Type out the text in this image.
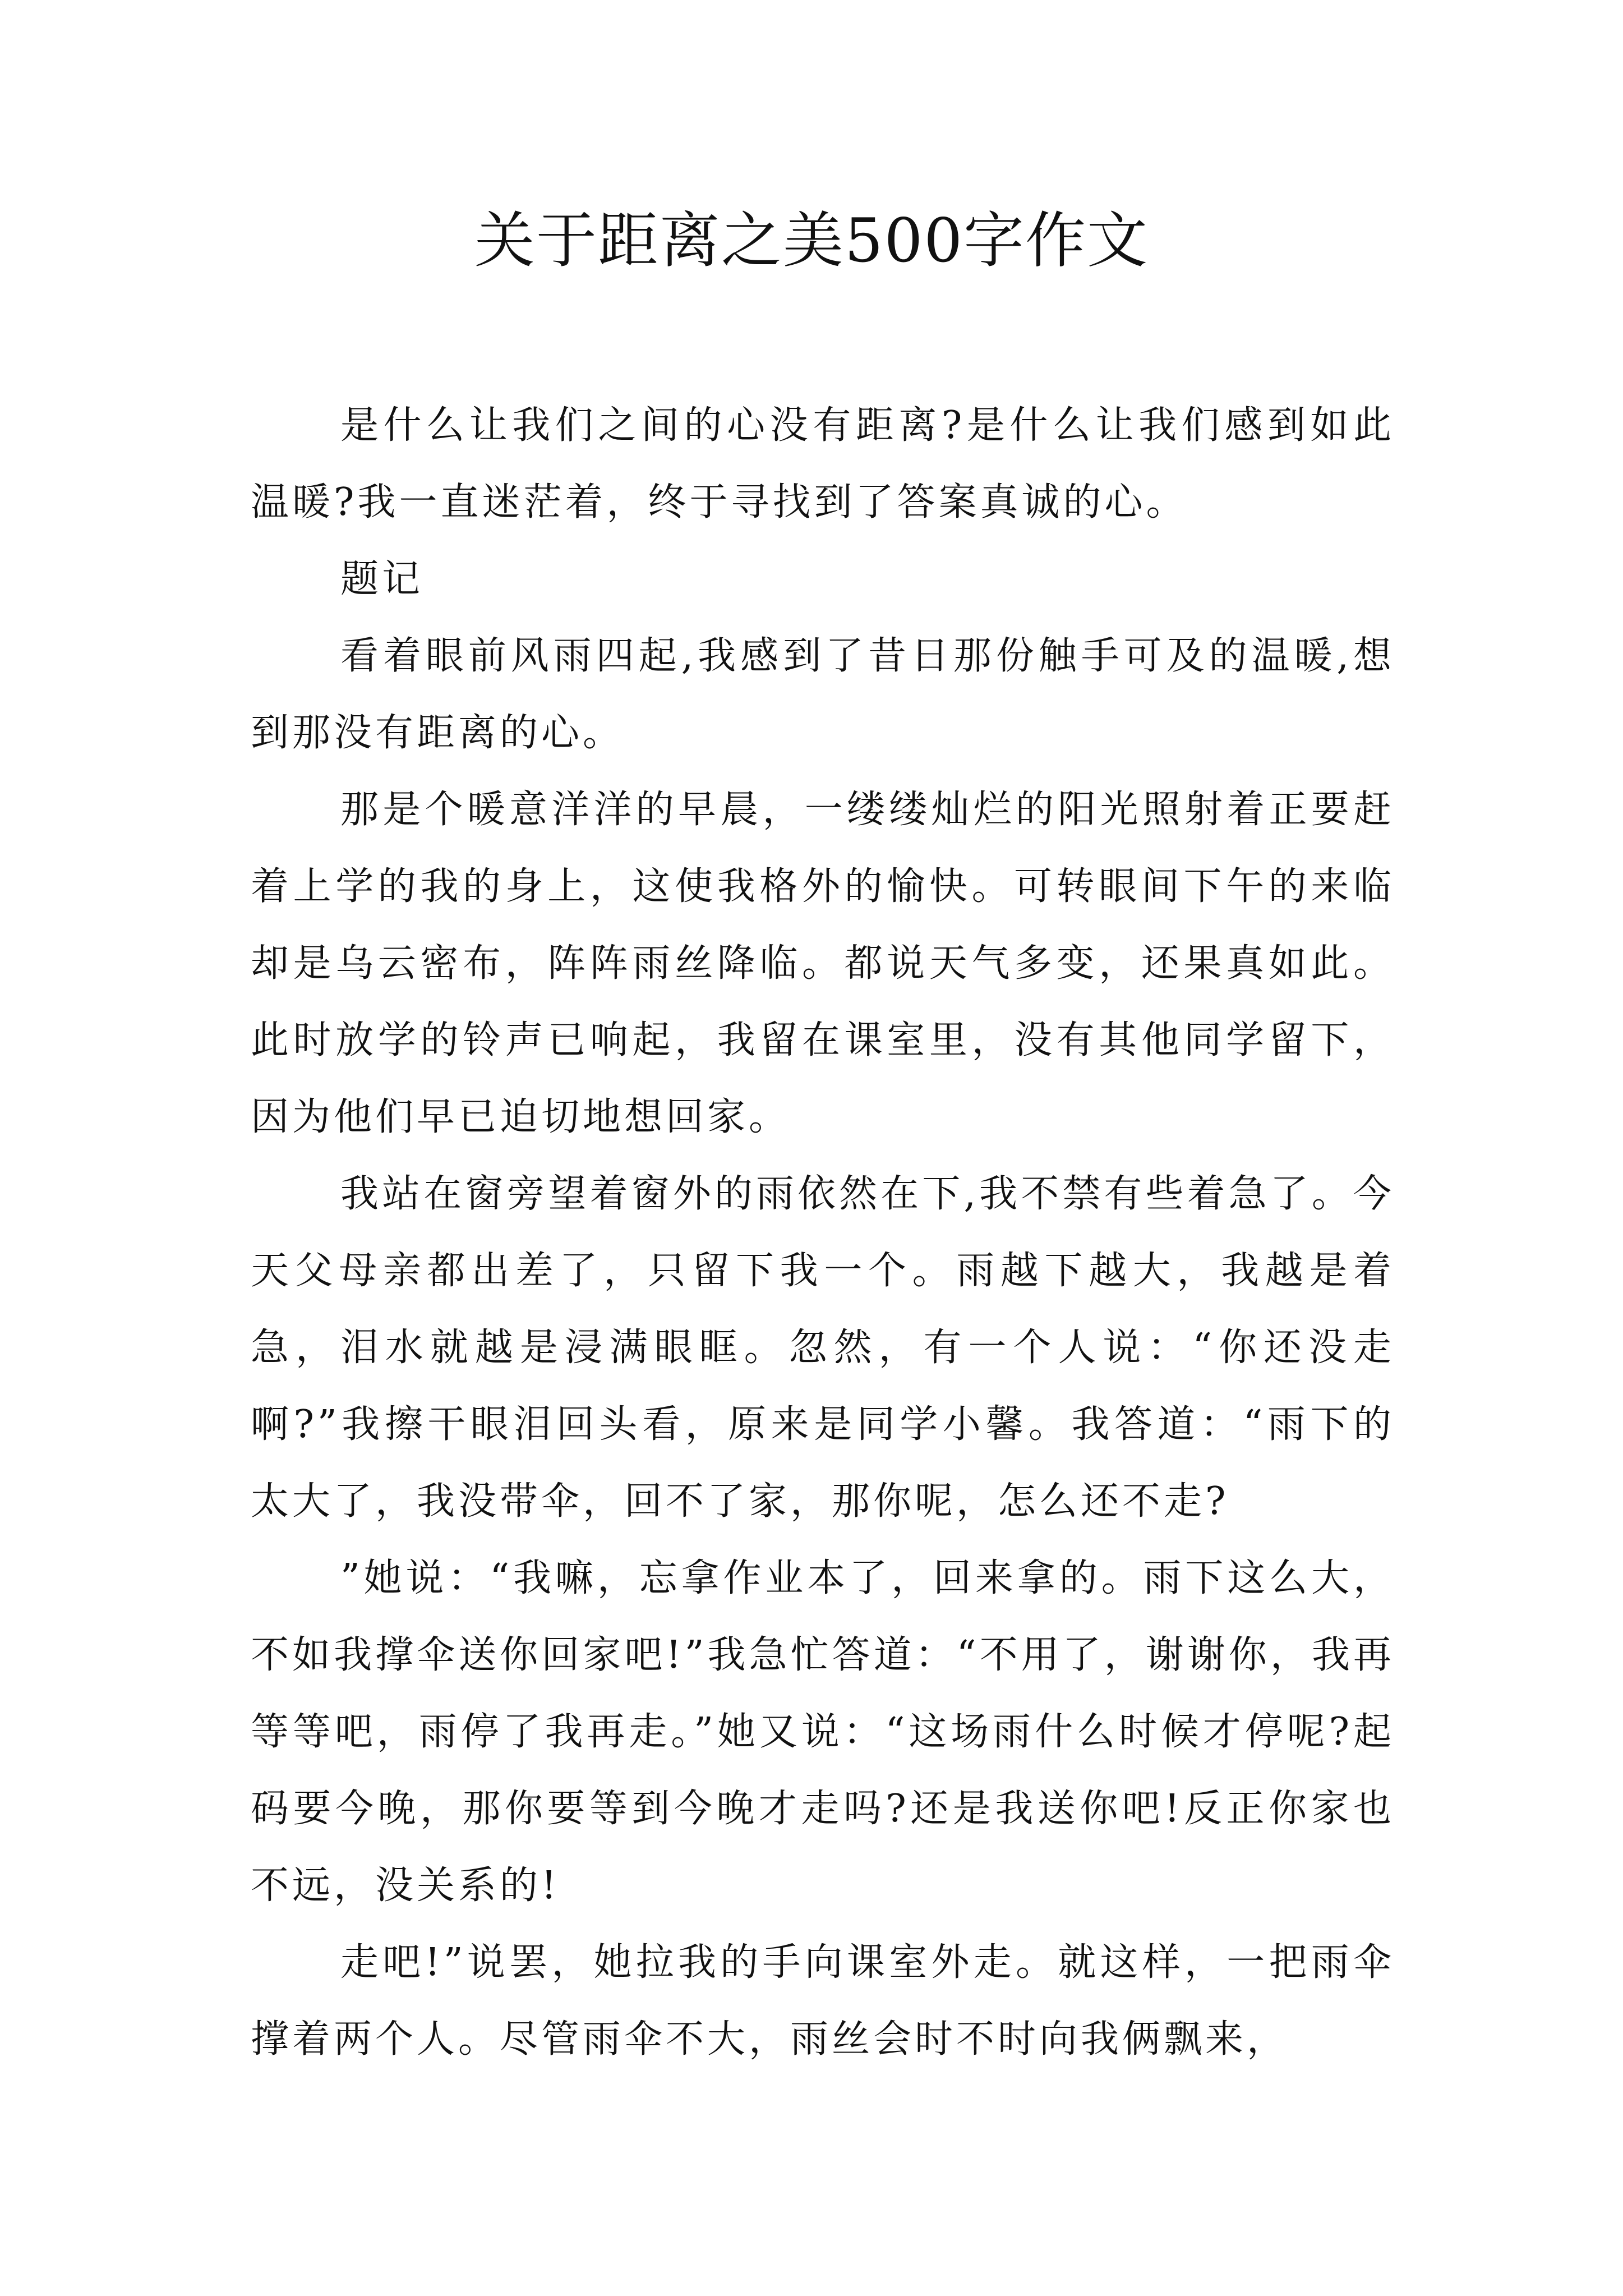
关于距离之美500字作文

是什么让我们之间的心没有距离?是什么让我们感到如此温暖?我一直迷茫着，终于寻找到了答案真诚的心。

题记

看着眼前风雨四起,我感到了昔日那份触手可及的温暖,想到那没有距离的心。

那是个暖意洋洋的早晨，一缕缕灿烂的阳光照射着正要赶着上学的我的身上，这使我格外的愉快。可转眼间下午的来临却是乌云密布，阵阵雨丝降临。都说天气多变，还果真如此。此时放学的铃声已响起，我留在课室里，没有其他同学留下，因为他们早已迫切地想回家。

我站在窗旁望着窗外的雨依然在下,我不禁有些着急了。今天父母亲都出差了，只留下我一个。雨越下越大，我越是着急，泪水就越是浸满眼眶。忽然，有一个人说：“你还没走啊?”我擦干眼泪回头看，原来是同学小馨。我答道：“雨下的太大了，我没带伞，回不了家，那你呢，怎么还不走?

”她说：“我嘛，忘拿作业本了，回来拿的。雨下这么大，不如我撑伞送你回家吧!”我急忙答道：“不用了，谢谢你，我再等等吧，雨停了我再走。”她又说：“这场雨什么时候才停呢?起码要今晚，那你要等到今晚才走吗?还是我送你吧!反正你家也不远，没关系的!

走吧!”说罢，她拉我的手向课室外走。就这样，一把雨伞撑着两个人。尽管雨伞不大，雨丝会时不时向我俩飘来，
